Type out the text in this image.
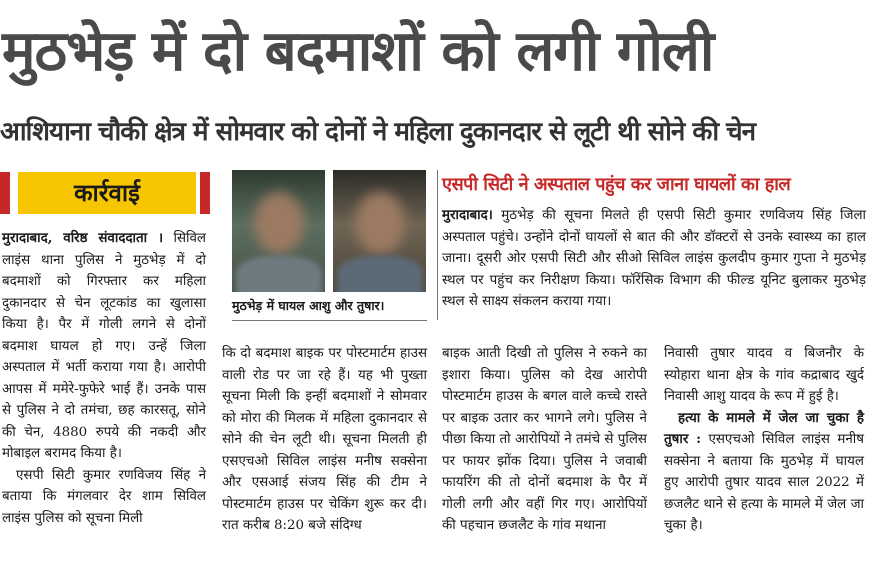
मुठभेड़ में दो बदमाशों को लगी गोली
आशियाना चौकी क्षेत्र में सोमवार को दोनों ने महिला दुकानदार से लूटी थी सोने की चेन
कार्रवाई

मुरादाबाद, वरिष्ठ संवाददाता । सिविल लाइंस थाना पुलिस ने मुठभेड़ में दो बदमाशों को गिरफ्तार कर महिला दुकानदार से चेन लूटकांड का खुलासा किया है। पैर में गोली लगने से दोनों बदमाश घायल हो गए। उन्हें जिला अस्पताल में भर्ती कराया गया है। आरोपी आपस में ममेरे-फुफेरे भाई हैं। उनके पास से पुलिस ने दो तमंचा, छह कारसतू, सोने की चेन, 4880 रुपये की नकदी और मोबाइल बरामद किया है।

एसपी सिटी कुमार रणविजय सिंह ने बताया कि मंगलवार देर शाम सिविल लाइंस पुलिस को सूचना मिली

मुठभेड़ में घायल आशु और तुषार।
एसपी सिटी ने अस्पताल पहुंच कर जाना घायलों का हाल

मुरादाबाद। मुठभेड़ की सूचना मिलते ही एसपी सिटी कुमार रणविजय सिंह जिला अस्पताल पहुंचे। उन्होंने दोनों घायलों से बात की और डॉक्टरों से उनके स्वास्थ्य का हाल जाना। दूसरी ओर एसपी सिटी और सीओ सिविल लाइंस कुलदीप कुमार गुप्ता ने मुठभेड़ स्थल पर पहुंच कर निरीक्षण किया। फॉरेंसिक विभाग की फील्ड यूनिट बुलाकर मुठभेड़ स्थल से साक्ष्य संकलन कराया गया।

कि दो बदमाश बाइक पर पोस्टमार्टम हाउस वाली रोड पर जा रहे हैं। यह भी पुख्ता सूचना मिली कि इन्हीं बदमाशों ने सोमवार को मोरा की मिलक में महिला दुकानदार से सोने की चेन लूटी थी। सूचना मिलती ही एसएचओ सिविल लाइंस मनीष सक्सेना और एसआई संजय सिंह की टीम ने पोस्टमार्टम हाउस पर चेकिंग शुरू कर दी। रात करीब 8:20 बजे संदिग्ध

बाइक आती दिखी तो पुलिस ने रुकने का इशारा किया। पुलिस को देख आरोपी पोस्टमार्टम हाउस के बगल वाले कच्चे रास्ते पर बाइक उतार कर भागने लगे। पुलिस ने पीछा किया तो आरोपियों ने तमंचे से पुलिस पर फायर झोंक दिया। पुलिस ने जवाबी फायरिंग की तो दोनों बदमाश के पैर में गोली लगी और वहीं गिर गए। आरोपियों की पहचान छजलैट के गांव मथाना

निवासी तुषार यादव व बिजनौर के स्योहारा थाना क्षेत्र के गांव कद्राबाद खुर्द निवासी आशु यादव के रूप में हुई है।

हत्या के मामले में जेल जा चुका है तुषार : एसएचओ सिविल लाइंस मनीष सक्सेना ने बताया कि मुठभेड़ में घायल हुए आरोपी तुषार यादव साल 2022 में छजलैट थाने से हत्या के मामले में जेल जा चुका है।
